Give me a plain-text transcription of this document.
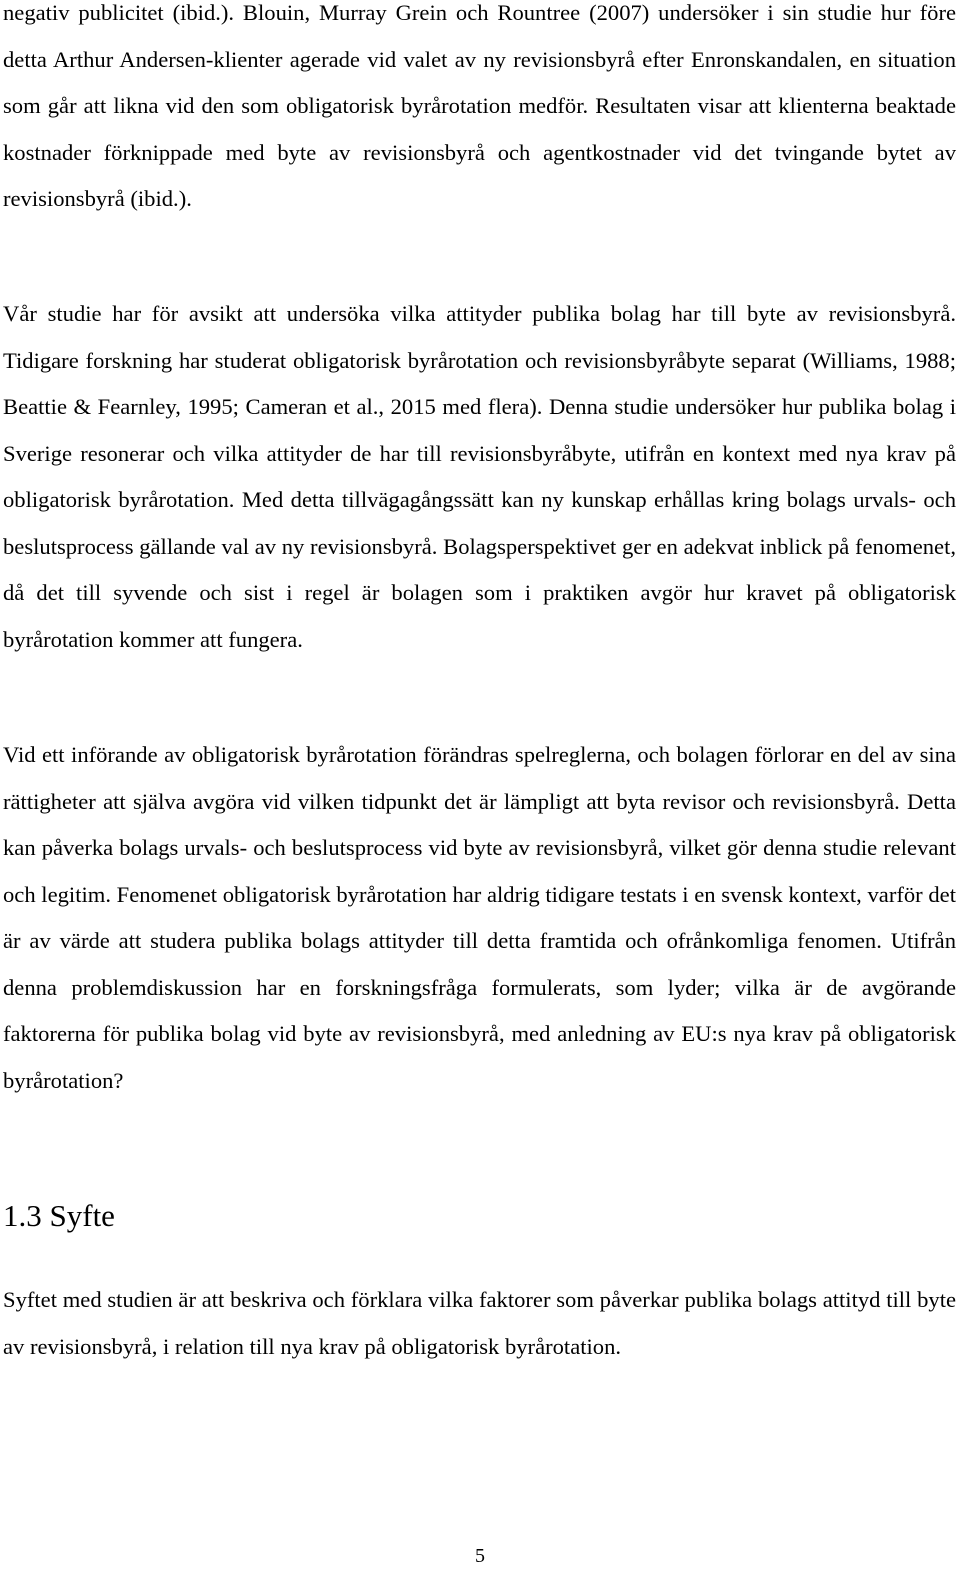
negativ publicitet (ibid.). Blouin, Murray Grein och Rountree (2007) undersöker i sin studie hur före detta Arthur Andersen-klienter agerade vid valet av ny revisionsbyrå efter Enronskandalen, en situation som går att likna vid den som obligatorisk byrårotation medför. Resultaten visar att klienterna beaktade kostnader förknippade med byte av revisionsbyrå och agentkostnader vid det tvingande bytet av revisionsbyrå (ibid.).

Vår studie har för avsikt att undersöka vilka attityder publika bolag har till byte av revisionsbyrå. Tidigare forskning har studerat obligatorisk byrårotation och revisionsbyråbyte separat (Williams, 1988; Beattie & Fearnley, 1995; Cameran et al., 2015 med flera). Denna studie undersöker hur publika bolag i Sverige resonerar och vilka attityder de har till revisionsbyråbyte, utifrån en kontext med nya krav på obligatorisk byrårotation. Med detta tillvägagångssätt kan ny kunskap erhållas kring bolags urvals- och beslutsprocess gällande val av ny revisionsbyrå. Bolagsperspektivet ger en adekvat inblick på fenomenet, då det till syvende och sist i regel är bolagen som i praktiken avgör hur kravet på obligatorisk byrårotation kommer att fungera.

Vid ett införande av obligatorisk byrårotation förändras spelreglerna, och bolagen förlorar en del av sina rättigheter att själva avgöra vid vilken tidpunkt det är lämpligt att byta revisor och revisionsbyrå. Detta kan påverka bolags urvals- och beslutsprocess vid byte av revisionsbyrå, vilket gör denna studie relevant och legitim. Fenomenet obligatorisk byrårotation har aldrig tidigare testats i en svensk kontext, varför det är av värde att studera publika bolags attityder till detta framtida och ofrånkomliga fenomen. Utifrån denna problemdiskussion har en forskningsfråga formulerats, som lyder; vilka är de avgörande faktorerna för publika bolag vid byte av revisionsbyrå, med anledning av EU:s nya krav på obligatorisk byrårotation?

1.3 Syfte

Syftet med studien är att beskriva och förklara vilka faktorer som påverkar publika bolags attityd till byte av revisionsbyrå, i relation till nya krav på obligatorisk byrårotation.

5
